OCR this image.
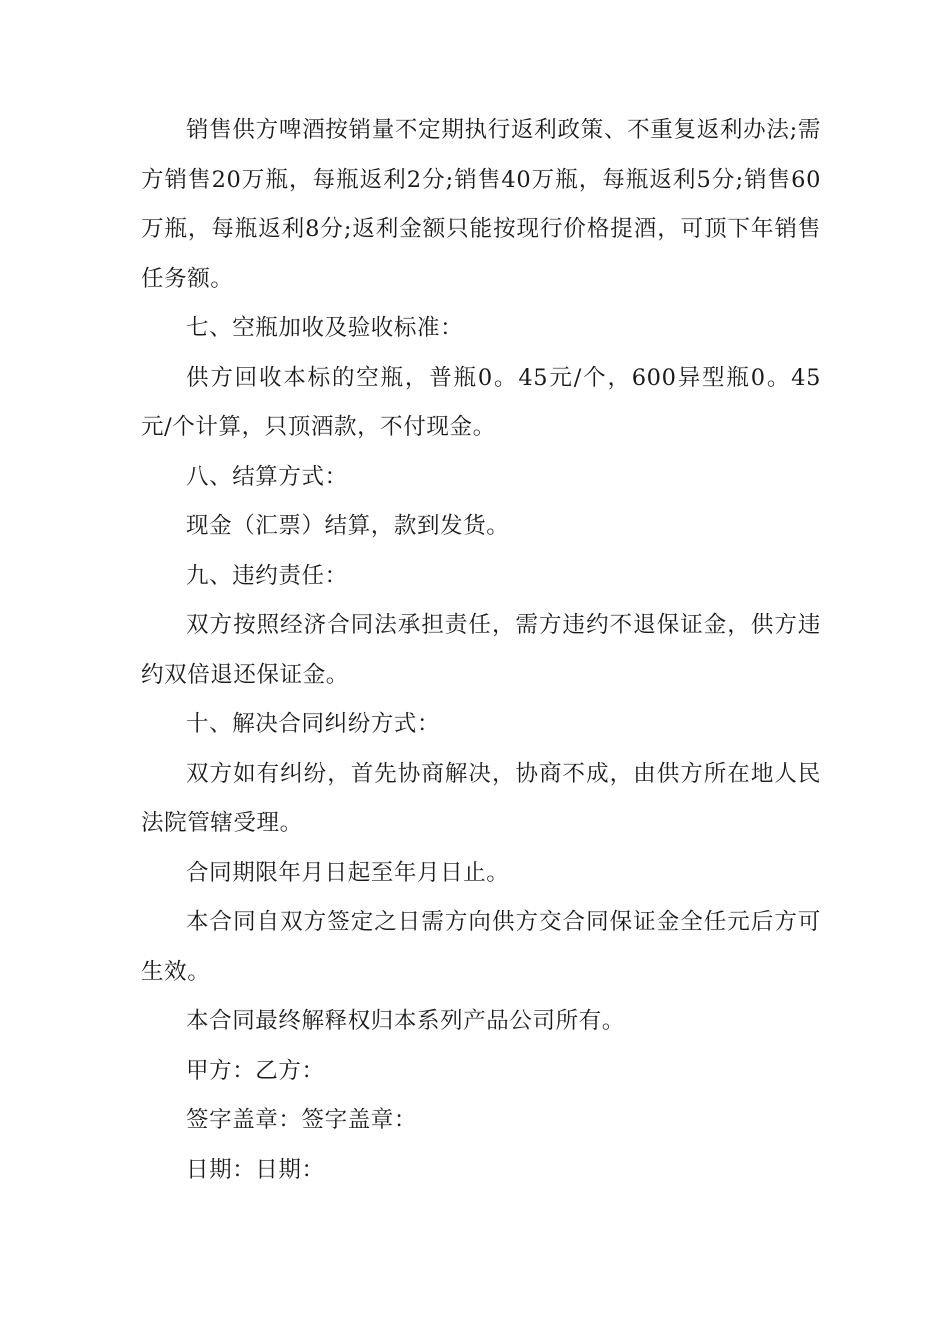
销售供方啤酒按销量不定期执行返利政策、不重复返利办法;需方销售20万瓶，每瓶返利2分;销售40万瓶，每瓶返利5分;销售60万瓶，每瓶返利8分;返利金额只能按现行价格提酒，可顶下年销售任务额。

七、空瓶加收及验收标准：

供方回收本标的空瓶，普瓶0。45元/个，600异型瓶0。45元/个计算，只顶酒款，不付现金。

八、结算方式：

现金（汇票）结算，款到发货。

九、违约责任：

双方按照经济合同法承担责任，需方违约不退保证金，供方违约双倍退还保证金。

十、解决合同纠纷方式：

双方如有纠纷，首先协商解决，协商不成，由供方所在地人民法院管辖受理。

合同期限年月日起至年月日止。

本合同自双方签定之日需方向供方交合同保证金全任元后方可生效。

本合同最终解释权归本系列产品公司所有。

甲方：乙方：

签字盖章：签字盖章：

日期：日期：
